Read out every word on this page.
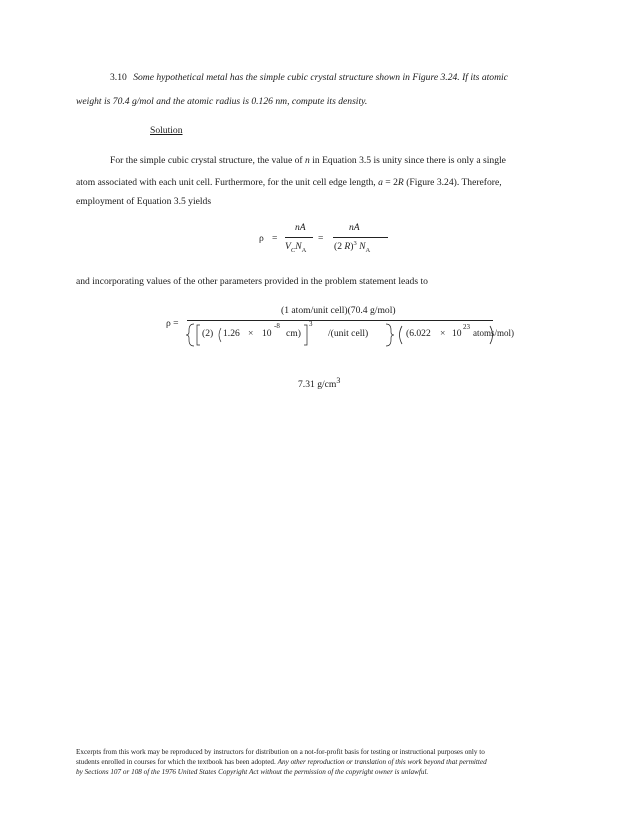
3.10 Some hypothetical metal has the simple cubic crystal structure shown in Figure 3.24. If its atomic
weight is 70.4 g/mol and the atomic radius is 0.126 nm, compute its density.
Solution
For the simple cubic crystal structure, the value of n in Equation 3.5 is unity since there is only a single
atom associated with each unit cell. Furthermore, for the unit cell edge length, a = 2R (Figure 3.24). Therefore,
employment of Equation 3.5 yields
ρ =
nA
$V_CN_A$
=
nA
(2 R)$^3$ $N_A$
and incorporating values of the other parameters provided in the problem statement leads to
ρ =
(1 atom/unit cell)(70.4 g/mol)
(2) 1.26 × 10
-8
cm)
3
/(unit cell)	(6.022 × 10
23
atoms/mol)
7.31 $g/cm^3$
Excerpts from this work may be reproduced by instructors for distribution on a not-for-profit basis for testing or instructional purposes only to
students enrolled in courses for which the textbook has been adopted. Any other reproduction or translation of this work beyond that permitted
by Sections 107 or 108 of the 1976 United States Copyright Act without the permission of the copyright owner is unlawful.
